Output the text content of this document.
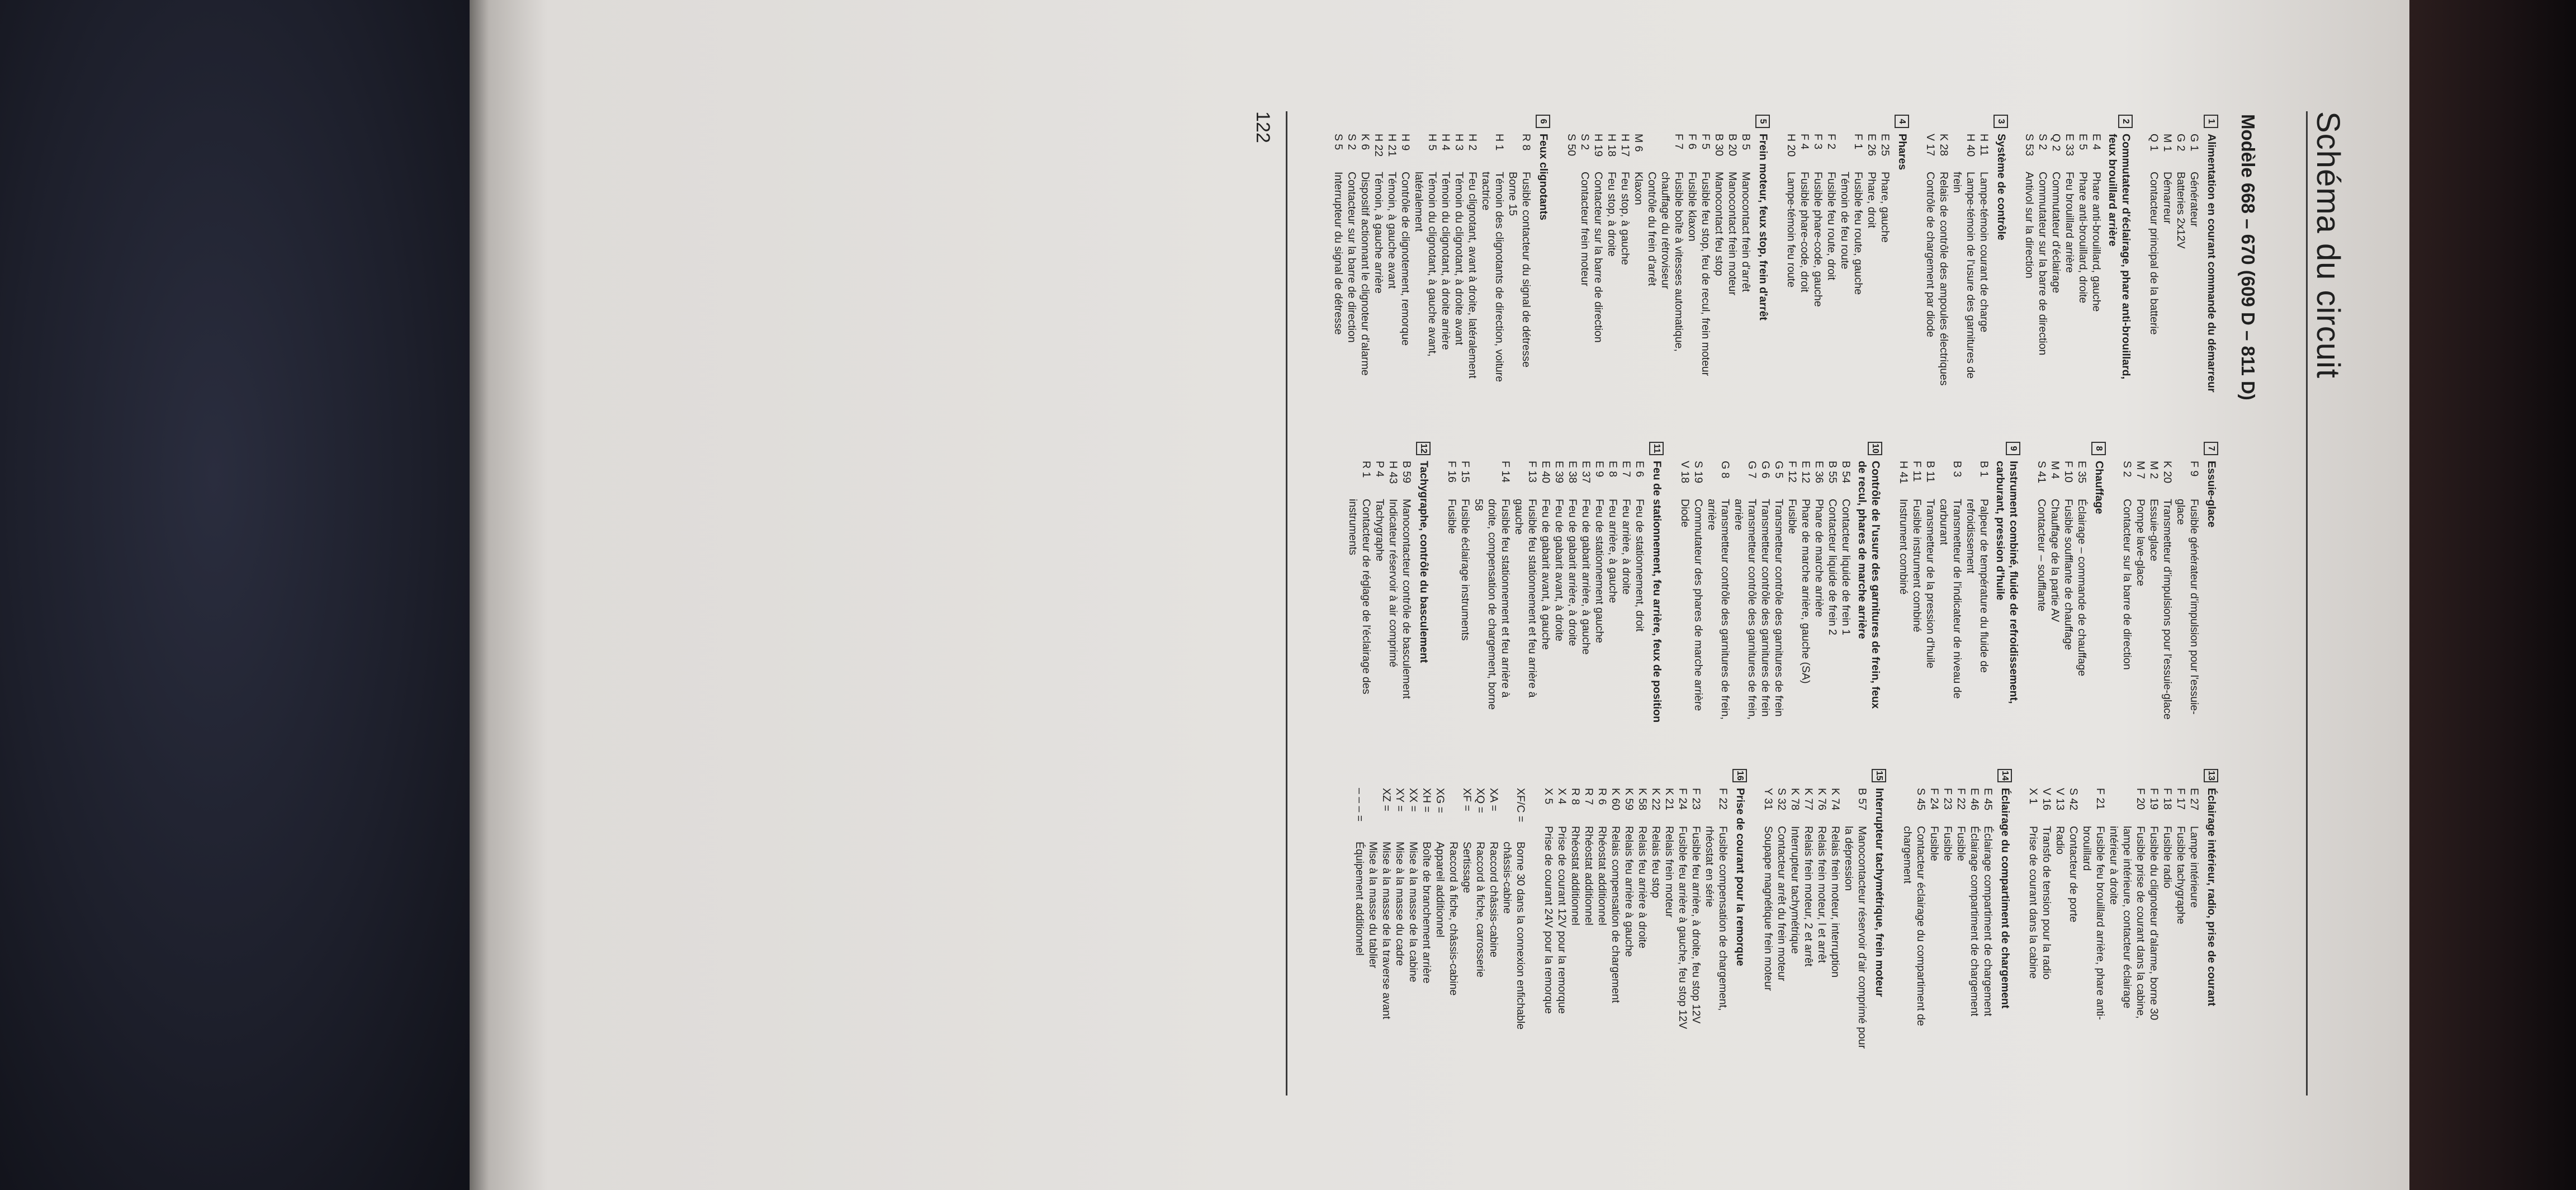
Schéma du circuit
Modèle 668 – 670 (609 D – 811 D)
1
Alimentation en courant commande du démarreur
G 1
Générateur
G 2
Batteries 2x12V
M 1
Démarreur
Q 1
Contacteur principal de la batterie
2
Commutateur d'éclairage, phare anti-brouillard, feux brouillard arrière
E 4
Phare anti-brouillard, gauche
E 5
Phare anti-brouillard, droite
E 33
Feu brouillard arrière
Q 2
Commutateur d'éclairage
S 2
Commutateur sur la barre de direction
S 53
Antivol sur la direction
3
Système de contrôle
H 11
Lampe-témoin courant de charge
H 40
Lampe-témoin de l'usure des garnitures de frein
K 28
Relais de contrôle des ampoules électriques
V 17
Contrôle de chargement par diode
4
Phares
E 25
Phare, gauche
E 26
Phare, droit
F 1
Fusible feu route, gauche
Témoin de feu route
F 2
Fusible feu route, droit
F 3
Fusible phare-code, gauche
F 4
Fusible phare-code, droit
H 20
Lampe-témoin feu route
5
Frein moteur, feux stop, frein d'arrêt
B 5
Manocontact frein d'arrêt
B 20
Manocontact frein moteur
B 30
Manocontact feu stop
F 5
Fusible feu stop, feu de recul, frein moteur
F 6
Fusible klaxon
F 7
Fusible boîte à vitesses automatique, chauffage du rétroviseur
Contrôle du frein d'arrêt
M 6
Klaxon
H 17
Feu stop, à gauche
H 18
Feu stop, à droite
H 19
Contacteur sur la barre de direction
S 2
Contacteur frein moteur
S 50
6
Feux clignotants
R 8
Fusible contacteur du signal de détresse
Borne 15
H 1
Témoin des clignotants de direction, voiture tractrice
H 2
Feu clignotant, avant à droite, latéralement
H 3
Témoin du clignotant, à droite avant
H 4
Témoin du clignotant, à droite arrière
H 5
Témoin du clignotant, à gauche avant, latéralement
H 9
Contrôle de clignotement, remorque
H 21
Témoin, à gauche avant
H 22
Témoin, à gauche arrière
K 6
Dispositif actionnant le clignoteur d'alarme
S 2
Contacteur sur la barre de direction
S 5
Interrupteur du signal de détresse
7
Essuie-glace
F 9
Fusible générateur d'impulsion pour l'essuie-glace
K 20
Transmetteur d'impulsions pour l'essuie-glace
M 2
Essuie-glace
M 7
Pompe lave-glace
S 2
Contacteur sur la barre de direction
8
Chauffage
E 35
Éclairage – commande de chauffage
F 10
Fusible soufflante de chauffage
M 4
Chauffage de la partie AV
S 41
Contacteur – soufflante
9
Instrument combiné, fluide de refroidissement, carburant, pression d'huile
B 1
Palpeur de température du fluide de refroidissement
B 3
Transmetteur de l'indicateur de niveau de carburant
B 11
Transmetteur de la pression d'huile
F 11
Fusible instrument combiné
H 41
Instrument combiné
10
Contrôle de l'usure des garnitures de frein, feux de recul, phares de marche arrière
B 54
Contacteur liquide de frein 1
B 55
Contacteur liquide de frein 2
E 36
Phare de marche arrière
E 12
Phare de marche arrière, gauche (SA)
F 12
Fusible
G 5
Transmetteur contrôle des garnitures de frein
G 6
Transmetteur contrôle des garnitures de frein
G 7
Transmetteur contrôle des garnitures de frein, arrière
G 8
Transmetteur contrôle des garnitures de frein, arrière
S 19
Commutateur des phares de marche arrière
V 18
Diode
11
Feu de stationnement, feu arrière, feux de position
E 6
Feu de stationnement, droit
E 7
Feu arrière, à droite
E 8
Feu arrière, à gauche
E 9
Feu de stationnement gauche
E 37
Feu de gabarit arrière, à gauche
E 38
Feu de gabarit arrière, à droite
E 39
Feu de gabarit avant, à droite
E 40
Feu de gabarit avant, à gauche
F 13
Fusible feu stationnement et feu arrière à gauche
F 14
Fusible feu stationnement et feu arrière à droite, compensation de chargement, borne 58
F 15
Fusible éclairage instruments
F 16
Fusible
12
Tachygraphe, contrôle du basculement
B 59
Manocontacteur contrôle de basculement
H 43
Indicateur réservoir à air comprimé
P 4
Tachygraphe
R 1
Contacteur de réglage de l'éclairage des instruments
13
Éclairage intérieur, radio, prise de courant
E 27
Lampe intérieure
F 17
Fusible tachygraphe
F 18
Fusible radio
F 19
Fusible du clignoteur d'alarme, borne 30
F 20
Fusible prise de courant dans la cabine, lampe intérieure, contacteur éclairage intérieur à droite
F 21
Fusible feu brouillard arrière, phare anti-brouillard
S 42
Contacteur de porte
V 13
Radio
V 16
Transfo de tension pour la radio
X 1
Prise de courant dans la cabine
14
Éclairage du compartiment de chargement
E 45
Éclairage compartiment de chargement
E 46
Éclairage compartiment de chargement
F 22
Fusible
F 23
Fusible
F 24
Fusible
S 45
Contacteur éclairage du compartiment de chargement
15
Interrupteur tachymétrique, frein moteur
B 57
Manocontacteur réservoir d'air comprimé pour la dépression
K 74
Relais frein moteur, interruption
K 76
Relais frein moteur, l et arrêt
K 77
Relais frein moteur, 2 et arrêt
K 78
Interrupteur tachymétrique
S 32
Contacteur arrêt du frein moteur
Y 31
Soupape magnétique frein moteur
16
Prise de courant pour la remorque
F 22
Fusible compensation de chargement, rhéostat en série
F 23
Fusible feu arrière, à droite, feu stop 12V
F 24
Fusible feu arrière à gauche, feu stop 12V
K 21
Relais frein moteur
K 22
Relais feu stop
K 58
Relais feu arrière à droite
K 59
Relais feu arrière à gauche
K 60
Relais compensation de chargement
R 6
Rhéostat additionnel
R 7
Rhéostat additionnel
R 8
Rhéostat additionnel
X 4
Prise de courant 12V pour la remorque
X 5
Prise de courant 24V pour la remorque
XF/C =
Borne 30 dans la connexion enfichable châssis-cabine
XA =
Raccord châssis-cabine
XQ =
Raccord à fiche, carrosserie
XF =
Sertissage
Raccord à fiche, châssis-cabine
XG =
Appareil additionnel
XH =
Boîte de branchement arrière
XX =
Mise à la masse de la cabine
XY =
Mise à la masse du cadre
XZ =
Mise à la masse de la traverse avant
Mise à la masse du tablier
– – – =
Équipement additionnel
122
